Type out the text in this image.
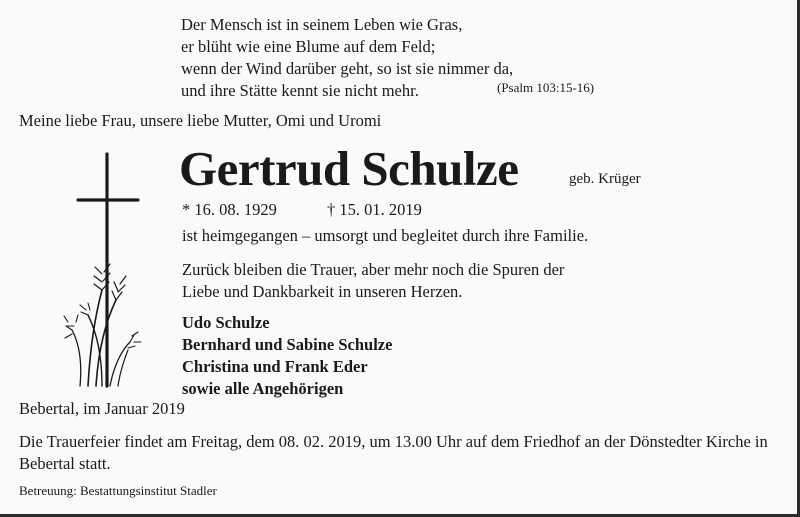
Der Mensch ist in seinem Leben wie Gras,
er blüht wie eine Blume auf dem Feld;
wenn der Wind darüber geht, so ist sie nimmer da,
und ihre Stätte kennt sie nicht mehr.	(Psalm 103:15-16)
Meine liebe Frau, unsere liebe Mutter, Omi und Uromi
Gertrud Schulze	geb. Krüger
* 16. 08. 1929	† 15. 01. 2019
ist heimgegangen – umsorgt und begleitet durch ihre Familie.
Zurück bleiben die Trauer, aber mehr noch die Spuren der
Liebe und Dankbarkeit in unseren Herzen.
Udo Schulze
Bernhard und Sabine Schulze
Christina und Frank Eder
sowie alle Angehörigen
Bebertal, im Januar 2019
Die Trauerfeier findet am Freitag, dem 08. 02. 2019, um 13.00 Uhr auf dem Friedhof an der Dönstedter Kirche in Bebertal statt.
Betreuung: Bestattungsinstitut Stadler
